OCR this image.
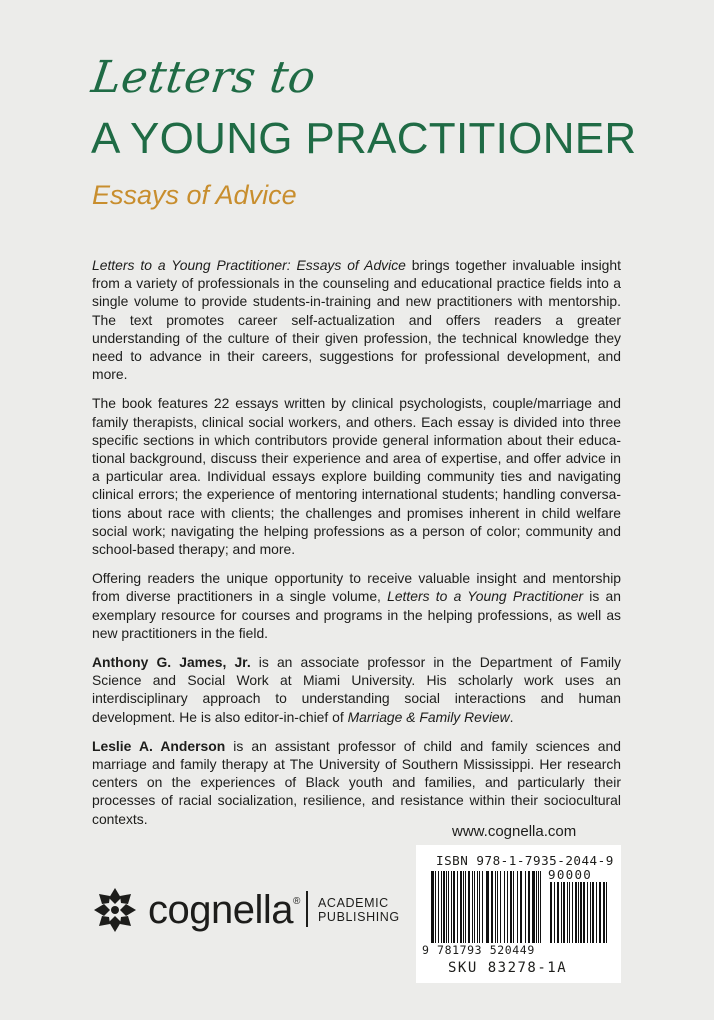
Letters to
A YOUNG PRACTITIONER
Essays of Advice

Letters to a Young Practitioner: Essays of Advice brings together invaluable insight from a variety of professionals in the counseling and educational practice fields into a single volume to provide students-in-training and new practitioners with mentorship. The text promotes career self-actualization and offers readers a greater understanding of the culture of their given profession, the technical knowledge they need to advance in their careers, suggestions for professional development, and more.

The book features 22 essays written by clinical psychologists, couple/marriage and family therapists, clinical social workers, and others. Each essay is divided into three specific sections in which contributors provide general information about their educational background, discuss their experience and area of expertise, and offer advice in a particular area. Individual essays explore building community ties and navigating clinical errors; the experience of mentoring international students; handling conversations about race with clients; the challenges and promises inherent in child welfare social work; navigating the helping professions as a person of color; community and school-based therapy; and more.

Offering readers the unique opportunity to receive valuable insight and mentorship from diverse practitioners in a single volume, Letters to a Young Practitioner is an exemplary resource for courses and programs in the helping professions, as well as new practitioners in the field.

Anthony G. James, Jr. is an associate professor in the Department of Family Science and Social Work at Miami University. His scholarly work uses an interdisciplinary approach to understanding social interactions and human development. He is also editor-in-chief of Marriage & Family Review.

Leslie A. Anderson is an assistant professor of child and family sciences and marriage and family therapy at The University of Southern Mississippi. Her research centers on the experiences of Black youth and families, and particularly their processes of racial socialization, resilience, and resistance within their sociocultural contexts.

www.cognella.com
ISBN 978-1-7935-2044-9
90000
9 781793 520449
SKU 83278-1A
cognella® ACADEMIC
PUBLISHING
